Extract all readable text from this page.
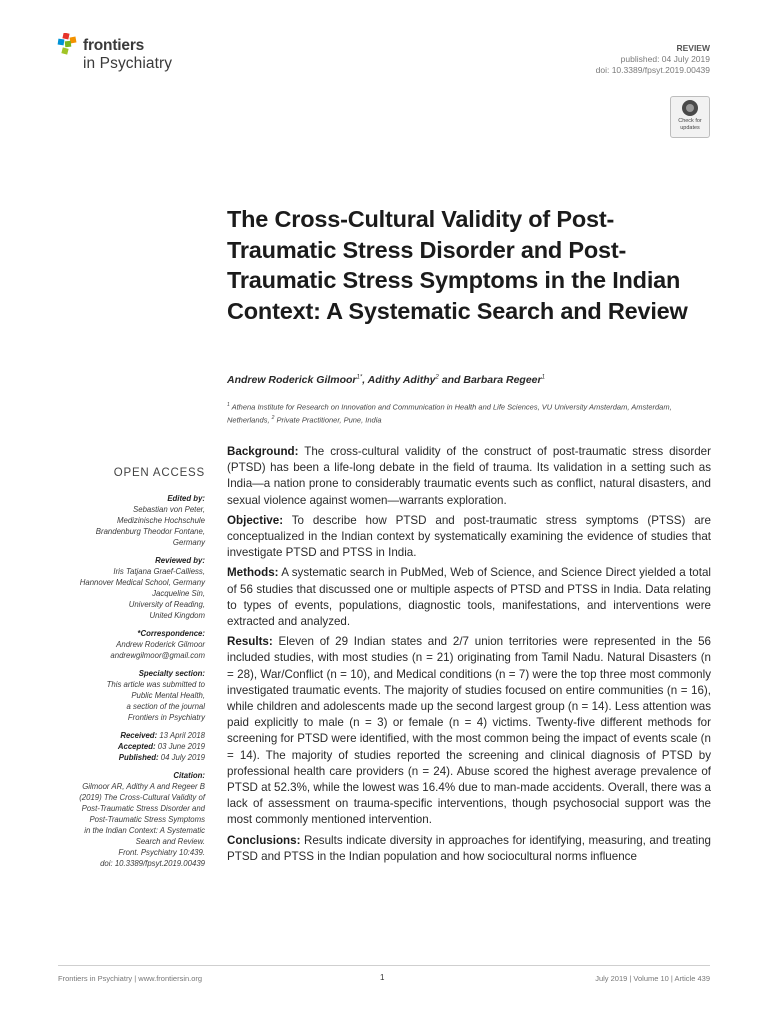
frontiers
in Psychiatry
REVIEW
published: 04 July 2019
doi: 10.3389/fpsyt.2019.00439
Check for updates
The Cross-Cultural Validity of Post-Traumatic Stress Disorder and Post-Traumatic Stress Symptoms in the Indian Context: A Systematic Search and Review
Andrew Roderick Gilmoor$^{1*}$, Adithy Adithy$^2$ and Barbara Regeer$^1$
$^1$ Athena Institute for Research on Innovation and Communication in Health and Life Sciences, VU University Amsterdam, Amsterdam, Netherlands, $^2$ Private Practitioner, Pune, India
OPEN ACCESS
Edited by:
Sebastian von Peter,
Medizinische Hochschule
Brandenburg Theodor Fontane,
Germany
Reviewed by:
Iris Tatjana Graef-Calliess,
Hannover Medical School, Germany
Jacqueline Sin,
University of Reading,
United Kingdom
*Correspondence:
Andrew Roderick Gilmoor
andrewgilmoor@gmail.com
Specialty section:
This article was submitted to
Public Mental Health,
a section of the journal
Frontiers in Psychiatry
Received: 13 April 2018
Accepted: 03 June 2019
Published: 04 July 2019
Citation:
Gilmoor AR, Adithy A and Regeer B
(2019) The Cross-Cultural Validity of
Post-Traumatic Stress Disorder and
Post-Traumatic Stress Symptoms
in the Indian Context: A Systematic
Search and Review.
Front. Psychiatry 10:439.
doi: 10.3389/fpsyt.2019.00439

Background: The cross-cultural validity of the construct of post-traumatic stress disorder (PTSD) has been a life-long debate in the field of trauma. Its validation in a setting such as India—a nation prone to considerably traumatic events such as conflict, natural disasters, and sexual violence against women—warrants exploration.

Objective: To describe how PTSD and post-traumatic stress symptoms (PTSS) are conceptualized in the Indian context by systematically examining the evidence of studies that investigate PTSD and PTSS in India.

Methods: A systematic search in PubMed, Web of Science, and Science Direct yielded a total of 56 studies that discussed one or multiple aspects of PTSD and PTSS in India. Data relating to types of events, populations, diagnostic tools, manifestations, and interventions were extracted and analyzed.

Results: Eleven of 29 Indian states and 2/7 union territories were represented in the 56 included studies, with most studies (n = 21) originating from Tamil Nadu. Natural Disasters (n = 28), War/Conflict (n = 10), and Medical conditions (n = 7) were the top three most commonly investigated traumatic events. The majority of studies focused on entire communities (n = 16), while children and adolescents made up the second largest group (n = 14). Less attention was paid explicitly to male (n = 3) or female (n = 4) victims. Twenty-five different methods for screening for PTSD were identified, with the most common being the impact of events scale (n = 14). The majority of studies reported the screening and clinical diagnosis of PTSD by professional health care providers (n = 24). Abuse scored the highest average prevalence of PTSD at 52.3%, while the lowest was 16.4% due to man-made accidents. Overall, there was a lack of assessment on trauma-specific interventions, though psychosocial support was the most commonly mentioned intervention.

Conclusions: Results indicate diversity in approaches for identifying, measuring, and treating PTSD and PTSS in the Indian population and how sociocultural norms influence

Frontiers in Psychiatry | www.frontiersin.org	1	July 2019 | Volume 10 | Article 439
